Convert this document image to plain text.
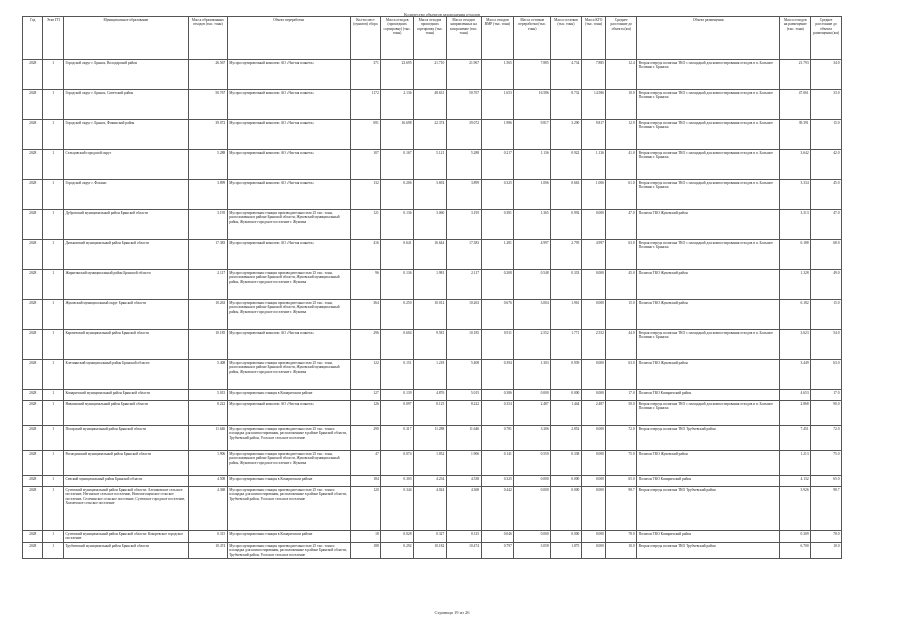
Количество объектов захоронения отходов
Год	Этап ГП	Муниципальное образование	Масса образованных отходов (тыс. тонн)	Объект переработки	Кол-во мест (пунктов) сбора	Масса отходов (прошедших сортировку) (тыс. тонн)	Масса отходов прошедших сортировку (тыс. тонн)	Масса отходов направленных на захоронение (тыс. тонн)	Масса отходов ВМР (тыс. тонн)	Масса остатков переработки (тыс. тонн)	Масса остатков (тыс. тонн)	Масса КГО (тыс. тонн)	Среднее расстояние до объекта (км)	Объект размещения	Масса отходов на размещение (тыс. тонн)	Среднее расстояние до объекта размещения (км)
2028	1	Городской округ г. Брянск, Володарский район	26.567	Мусоросортировочный комплекс АО «Чистая планета»	371	23.695	21.710	21.967	1.565	7.885	4.734	7.885	12.4	Вторая очередь полигона ТКО с площадкой для компостирования отходов в п. Большое Полпино г. Брянска	21.793	34.0
2028	1	Городской округ г. Брянск, Советский район	50.767	Мусоросортировочный комплекс АО «Чистая планета»	1172	2.136	48.631	50.767	1.653	16.586	8.732	14.586	10.0	Вторая очередь полигона ТКО с площадкой для компостирования отходов в п. Большое Полпино г. Брянска	47.061	33.0
2028	1	Городской округ г. Брянск, Фокинский район	39.072	Мусоросортировочный комплекс АО «Чистая планета»	691	16.698	22.374	39.072	1.986	9.817	3.290	9.817	12.9	Вторая очередь полигона ТКО с площадкой для компостирования отходов в п. Большое Полпино г. Брянска	39.391	15.0
2028	1	Сельцовский городской округ	5.288	Мусоросортировочный комплекс АО «Чистая планета»	107	0.167	5.121	5.288	0.217	1.136	0.922	1.136	41.0	Вторая очередь полигона ТКО с площадкой для компостирования отходов в п. Большое Полпино г. Брянска	3.642	42.0
2028	1	Городской округ г. Фокино	3.899	Мусоросортировочный комплекс АО «Чистая планета»	132	0.206	3.692	3.899	0.325	1.006	0.663	1.006	61.0	Вторая очередь полигона ТКО с площадкой для компостирования отходов в п. Большое Полпино г. Брянска	3.334	45.0
2028	1	Дубровский муниципальный район Брянской области	3.195	Мусоросортировочная станция производительностью 25 тыс. тонн, расположенная в районе Брянской области, Жуковский муниципальный район, Жуковское городское поселение г. Жуковка	121	0.136	3.060	3.195	0.381	1.365	0.992	0.000	47.0	Полигон ТКО Жуковский район	3.313	47.0
2028	1	Дятьковский муниципальный район Брянской области	17.383	Мусоросортировочный комплекс АО «Чистая планета»	416	0.641	16.644	17.383	1.281	4.997	2.795	4.997	63.0	Вторая очередь полигона ТКО с площадкой для компостирования отходов в п. Большое Полпино г. Брянска	6.188	68.0
2028	1	Жирятинский муниципальный район Брянской области	2.117	Мусоросортировочная станция производительностью 25 тыс. тонн, расположенная в районе Брянской области, Жуковский муниципальный район, Жуковское городское поселение г. Жуковка	96	0.136	1.981	2.117	0.208	0.548	0.333	0.000	45.0	Полигон ТКО Жуковский район	1.328	49.0
2028	1	Жуковский муниципальный округ Брянской области	10.263	Мусоросортировочная станция производительностью 25 тыс. тонн, расположенная в районе Брянской области, Жуковский муниципальный район, Жуковское городское поселение г. Жуковка	364	0.250	10.012	10.263	0.676	3.004	1.961	0.000	15.0	Полигон ТКО Жуковский район	6.182	15.0
2028	1	Карачевский муниципальный район Брянской области	10.185	Мусоросортировочный комплекс АО «Чистая планета»	296	0.604	9.581	10.185	0.911	2.552	1.771	2.552	44.0	Вторая очередь полигона ТКО с площадкой для компостирования отходов в п. Большое Полпино г. Брянска	3.623	54.0
2028	1	Клетнянский муниципальный район Брянской области	5.408	Мусоросортировочная станция производительностью 25 тыс. тонн, расположенная в районе Брянской области, Жуковский муниципальный район, Жуковское городское поселение г. Жуковка	122	0.151	1.218	5.408	0.394	1.303	0.939	0.000	63.0	Полигон ТКО Жуковский район	3.449	63.0
2028	1	Комаричский муниципальный район Брянской области	5.015	Мусоросортировочная станция в Комаричском районе	127	0.139	4.876	5.015	0.386	0.000	0.000	0.000	17.0	Полигон ТКО Комаричский район	4.653	17.0
2028	1	Навлинский муниципальный район Брянской области	8.222	Мусоросортировочный комплекс АО «Чистая планета»	126	0.097	8.125	8.222	0.354	2.487	1.444	2.487	50.0	Вторая очередь полигона ТКО с площадкой для компостирования отходов в п. Большое Полпино г. Брянска	2.868	90.0
2028	1	Погарский муниципальный район Брянской области	11.646	Мусоросортировочная станция производительностью 25 тыс. тонн и площадка для компостирования, расположенные в районе Брянской области, Трубчевский район, Усохское сельское поселение	290	0.317	11.288	11.646	0.781	3.306	2.852	0.000	72.0	Вторая очередь полигона ТКО Трубчевский район	7.451	72.0
2028	1	Рогнединский муниципальный район Брянской области	1.906	Мусоросортировочная станция производительностью 25 тыс. тонн, расположенная в районе Брянской области, Жуковский муниципальный район, Жуковское городское поселение г. Жуковка	47	0.074	1.832	1.906	0.141	0.550	0.338	0.000	75.0	Полигон ТКО Жуковский район	1.213	75.0
2028	1	Севский муниципальный район Брянской области	4.508	Мусоросортировочная станция в Комаричском районе	184	0.303	4.234	4.538	0.325	0.000	0.000	0.000	65.0	Полигон ТКО Комаричский район	4.132	65.0
2028	1	Суземский муниципальный район Брянской области: Алешковское сельское поселение, Негинское сельское поселение, Новопогощенское сельское поселение, Селечинское сельское поселение, Суземское городское поселение, Холмечское сельское поселение	4.368	Мусоросортировочная станция производительностью 25 тыс. тонн и площадка для компостирования, расположенные в районе Брянской области, Трубчевский район, Усохское сельское поселение	120	0.344	4.024	4.368	0.442	0.000	0.000	0.000	98.7	Вторая очередь полигона ТКО Трубчевский район	3.926	98.7
2028	1	Суземский муниципальный район Брянской области: Кокоревское городское поселение	0.315	Мусоросортировочная станция в Комаричском районе	18	0.028	0.327	0.315	0.046	0.000	0.000	0.000	78.0	Полигон ТКО Комаричский район	0.309	78.0
2028	1	Трубчевский муниципальный район Брянской области	10.474	Мусоросортировочная станция производительностью 25 тыс. тонн и площадка для компостирования, расположенные в районе Брянской области, Трубчевский район, Усохское сельское поселение	188	0.292	10.182	10.474	0.797	3.058	1.875	0.000	10.0	Вторая очередь полигона ТКО Трубчевский район	6.700	10.0
Страница 19 из 26
